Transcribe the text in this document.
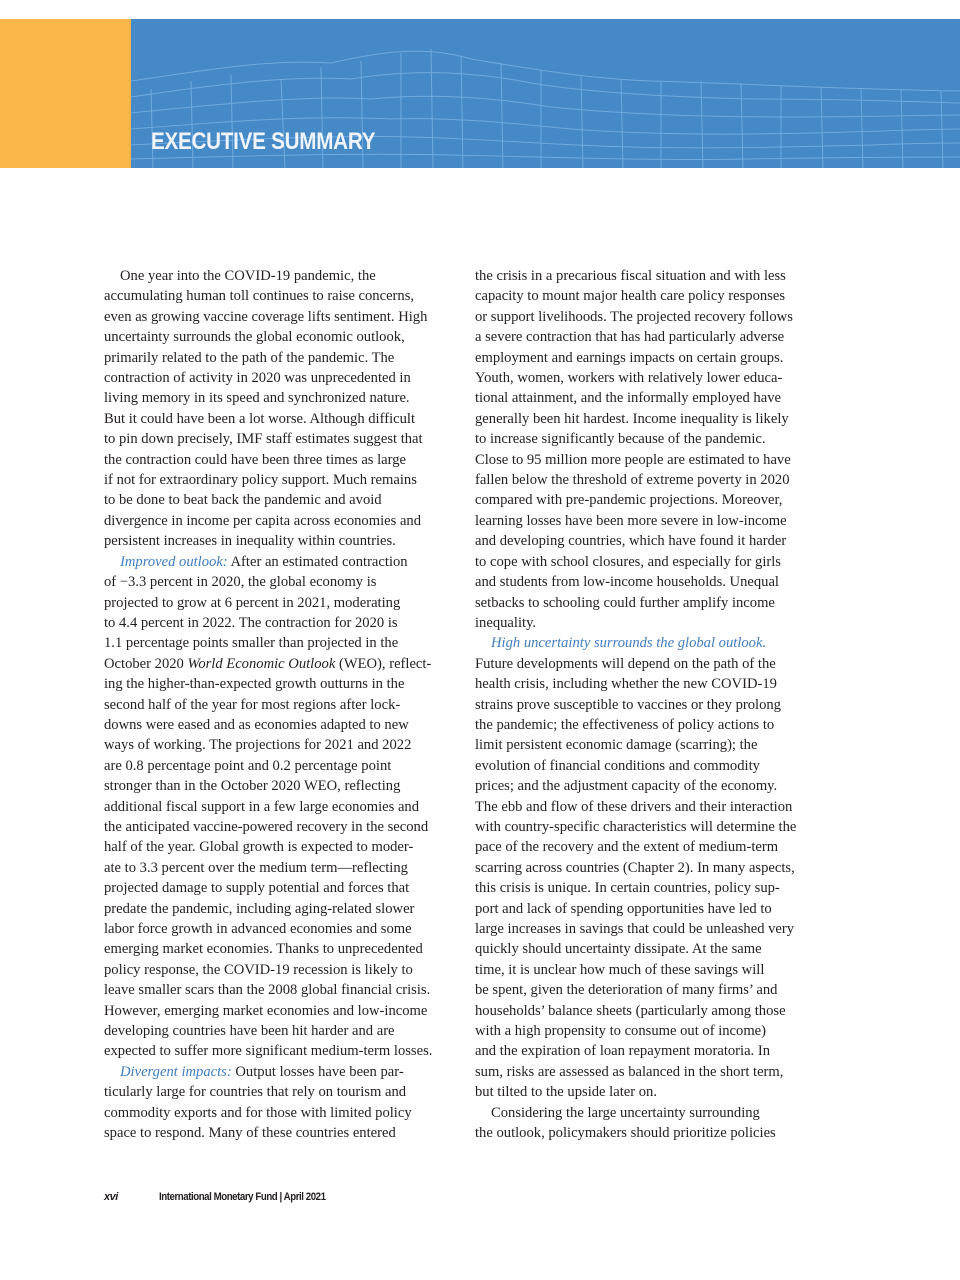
EXECUTIVE SUMMARY

One year into the COVID-19 pandemic, the
accumulating human toll continues to raise concerns,
even as growing vaccine coverage lifts sentiment. High
uncertainty surrounds the global economic outlook,
primarily related to the path of the pandemic. The
contraction of activity in 2020 was unprecedented in
living memory in its speed and synchronized nature.
But it could have been a lot worse. Although difficult
to pin down precisely, IMF staff estimates suggest that
the contraction could have been three times as large
if not for extraordinary policy support. Much remains
to be done to beat back the pandemic and avoid
divergence in income per capita across economies and
persistent increases in inequality within countries.

Improved outlook: After an estimated contraction
of −3.3 percent in 2020, the global economy is
projected to grow at 6 percent in 2021, moderating
to 4.4 percent in 2022. The contraction for 2020 is
1.1 percentage points smaller than projected in the
October 2020 World Economic Outlook (WEO), reflect-
ing the higher-than-expected growth outturns in the
second half of the year for most regions after lock-
downs were eased and as economies adapted to new
ways of working. The projections for 2021 and 2022
are 0.8 percentage point and 0.2 percentage point
stronger than in the October 2020 WEO, reflecting
additional fiscal support in a few large economies and
the anticipated vaccine-powered recovery in the second
half of the year. Global growth is expected to moder-
ate to 3.3 percent over the medium term—reflecting
projected damage to supply potential and forces that
predate the pandemic, including aging-related slower
labor force growth in advanced economies and some
emerging market economies. Thanks to unprecedented
policy response, the COVID-19 recession is likely to
leave smaller scars than the 2008 global financial crisis.
However, emerging market economies and low-income
developing countries have been hit harder and are
expected to suffer more significant medium-term losses.

Divergent impacts: Output losses have been par-
ticularly large for countries that rely on tourism and
commodity exports and for those with limited policy
space to respond. Many of these countries entered

the crisis in a precarious fiscal situation and with less
capacity to mount major health care policy responses
or support livelihoods. The projected recovery follows
a severe contraction that has had particularly adverse
employment and earnings impacts on certain groups.
Youth, women, workers with relatively lower educa-
tional attainment, and the informally employed have
generally been hit hardest. Income inequality is likely
to increase significantly because of the pandemic.
Close to 95 million more people are estimated to have
fallen below the threshold of extreme poverty in 2020
compared with pre-pandemic projections. Moreover,
learning losses have been more severe in low-income
and developing countries, which have found it harder
to cope with school closures, and especially for girls
and students from low-income households. Unequal
setbacks to schooling could further amplify income
inequality.

High uncertainty surrounds the global outlook.
Future developments will depend on the path of the
health crisis, including whether the new COVID-19
strains prove susceptible to vaccines or they prolong
the pandemic; the effectiveness of policy actions to
limit persistent economic damage (scarring); the
evolution of financial conditions and commodity
prices; and the adjustment capacity of the economy.
The ebb and flow of these drivers and their interaction
with country-specific characteristics will determine the
pace of the recovery and the extent of medium-term
scarring across countries (Chapter 2). In many aspects,
this crisis is unique. In certain countries, policy sup-
port and lack of spending opportunities have led to
large increases in savings that could be unleashed very
quickly should uncertainty dissipate. At the same
time, it is unclear how much of these savings will
be spent, given the deterioration of many firms’ and
households’ balance sheets (particularly among those
with a high propensity to consume out of income)
and the expiration of loan repayment moratoria. In
sum, risks are assessed as balanced in the short term,
but tilted to the upside later on.

Considering the large uncertainty surrounding
the outlook, policymakers should prioritize policies

xvi	International Monetary Fund | April 2021
